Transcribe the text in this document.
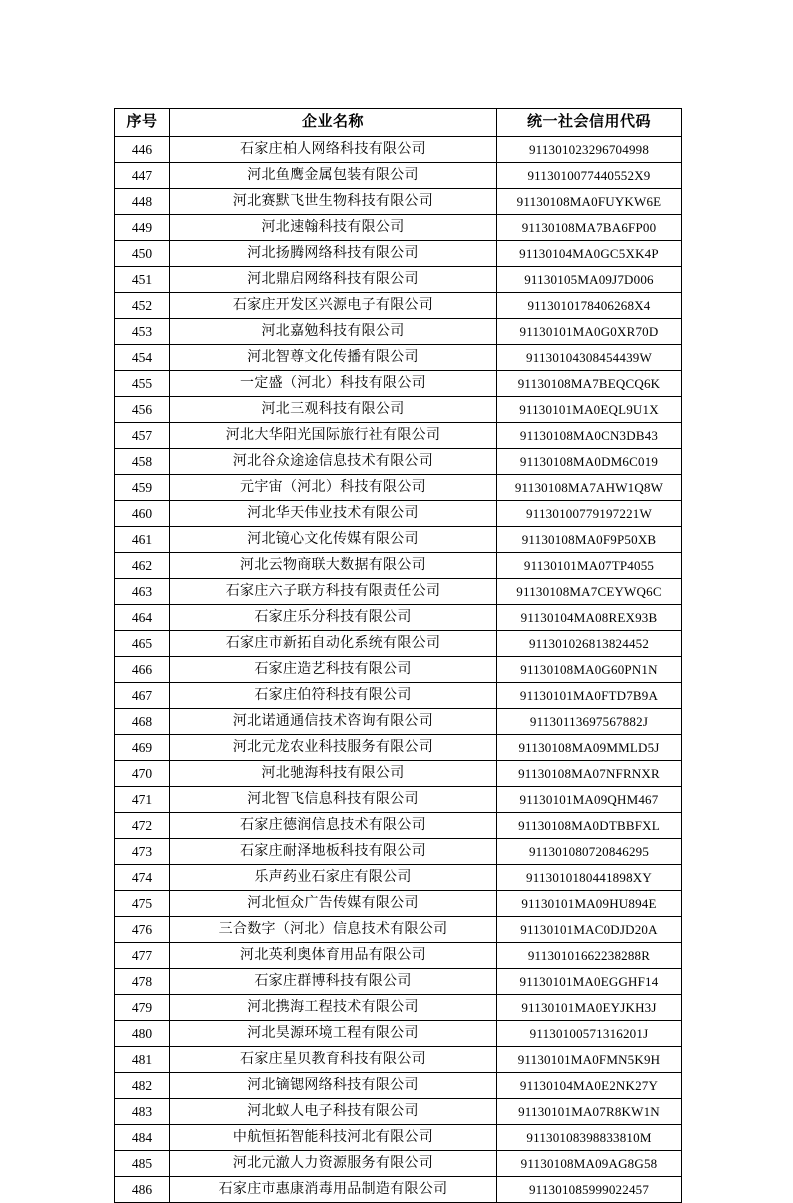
序号	企业名称	统一社会信用代码
446	石家庄柏人网络科技有限公司	911301023296704998
447	河北鱼鹰金属包装有限公司	9113010077440552X9
448	河北赛默飞世生物科技有限公司	91130108MA0FUYKW6E
449	河北速翰科技有限公司	91130108MA7BA6FP00
450	河北扬腾网络科技有限公司	91130104MA0GC5XK4P
451	河北鼎启网络科技有限公司	91130105MA09J7D006
452	石家庄开发区兴源电子有限公司	9113010178406268X4
453	河北嘉勉科技有限公司	91130101MA0G0XR70D
454	河北智尊文化传播有限公司	91130104308454439W
455	一定盛（河北）科技有限公司	91130108MA7BEQCQ6K
456	河北三观科技有限公司	91130101MA0EQL9U1X
457	河北大华阳光国际旅行社有限公司	91130108MA0CN3DB43
458	河北谷众途途信息技术有限公司	91130108MA0DM6C019
459	元宇宙（河北）科技有限公司	91130108MA7AHW1Q8W
460	河北华天伟业技术有限公司	91130100779197221W
461	河北镜心文化传媒有限公司	91130108MA0F9P50XB
462	河北云物商联大数据有限公司	91130101MA07TP4055
463	石家庄六子联方科技有限责任公司	91130108MA7CEYWQ6C
464	石家庄乐分科技有限公司	91130104MA08REX93B
465	石家庄市新拓自动化系统有限公司	911301026813824452
466	石家庄造艺科技有限公司	91130108MA0G60PN1N
467	石家庄伯符科技有限公司	91130101MA0FTD7B9A
468	河北诺通通信技术咨询有限公司	91130113697567882J
469	河北元龙农业科技服务有限公司	91130108MA09MMLD5J
470	河北驰海科技有限公司	91130108MA07NFRNXR
471	河北智飞信息科技有限公司	91130101MA09QHM467
472	石家庄德润信息技术有限公司	91130108MA0DTBBFXL
473	石家庄耐泽地板科技有限公司	911301080720846295
474	乐声药业石家庄有限公司	9113010180441898XY
475	河北恒众广告传媒有限公司	91130101MA09HU894E
476	三合数字（河北）信息技术有限公司	91130101MAC0DJD20A
477	河北英利奥体育用品有限公司	91130101662238288R
478	石家庄群博科技有限公司	91130101MA0EGGHF14
479	河北携海工程技术有限公司	91130101MA0EYJKH3J
480	河北昊源环境工程有限公司	91130100571316201J
481	石家庄星贝教育科技有限公司	91130101MA0FMN5K9H
482	河北镝锶网络科技有限公司	91130104MA0E2NK27Y
483	河北蚁人电子科技有限公司	91130101MA07R8KW1N
484	中航恒拓智能科技河北有限公司	91130108398833810M
485	河北元澈人力资源服务有限公司	91130108MA09AG8G58
486	石家庄市惠康消毒用品制造有限公司	911301085999022457
